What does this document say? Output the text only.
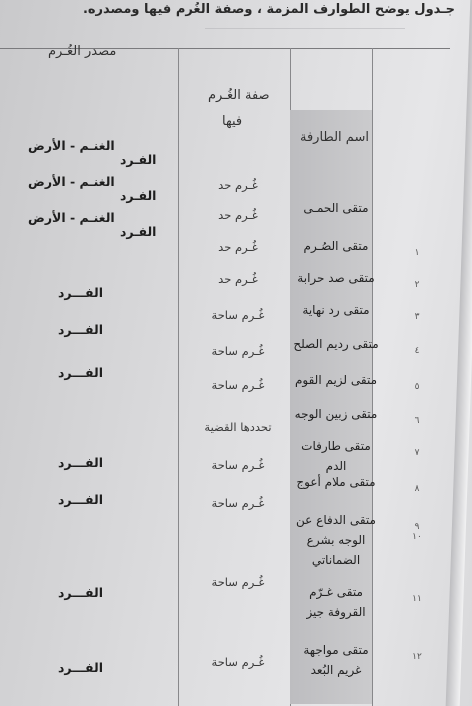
جـدول يوضح الطوارف المزمة ، وصفة الغُرم فيها ومصدره.
مصدر الغُـرم
صفة الغُـرم
فيها
اسم الطارفة
متقى الحمـى
غُـرم حد
الغنـم - الأرض
الفـرد
١
متقى الصُـرم
غُـرم حد
الغنـم - الأرض
الفـرد
٢
متقى صد حرابة
غُـرم حد
الغنـم - الأرض
الفـرد
٣
متقى رد نهاية
غُـرم حد
الفـــرد
٤
متقى رديم الصلح
غُـرم ساحة
الفـــرد
٥
متقى لزيم القوم
غُـرم ساحة
الفـــرد
٦
متقى زبين الوجه
غُـرم ساحة
٧
متقى طارفات الدم
تحددها القضية
٨
متقى ملام أعوج
غُـرم ساحة
الفـــرد
٩
متقى الدفاع عن الوجه بشرع الضماناتي
غُـرم ساحة
الفـــرد
١٠
١١
متقى غـرّم القروفة جيز
غُـرم ساحة
الفـــرد
١٢
متقى مواجهة غريم البُعد
غُـرم ساحة
الفـــرد
